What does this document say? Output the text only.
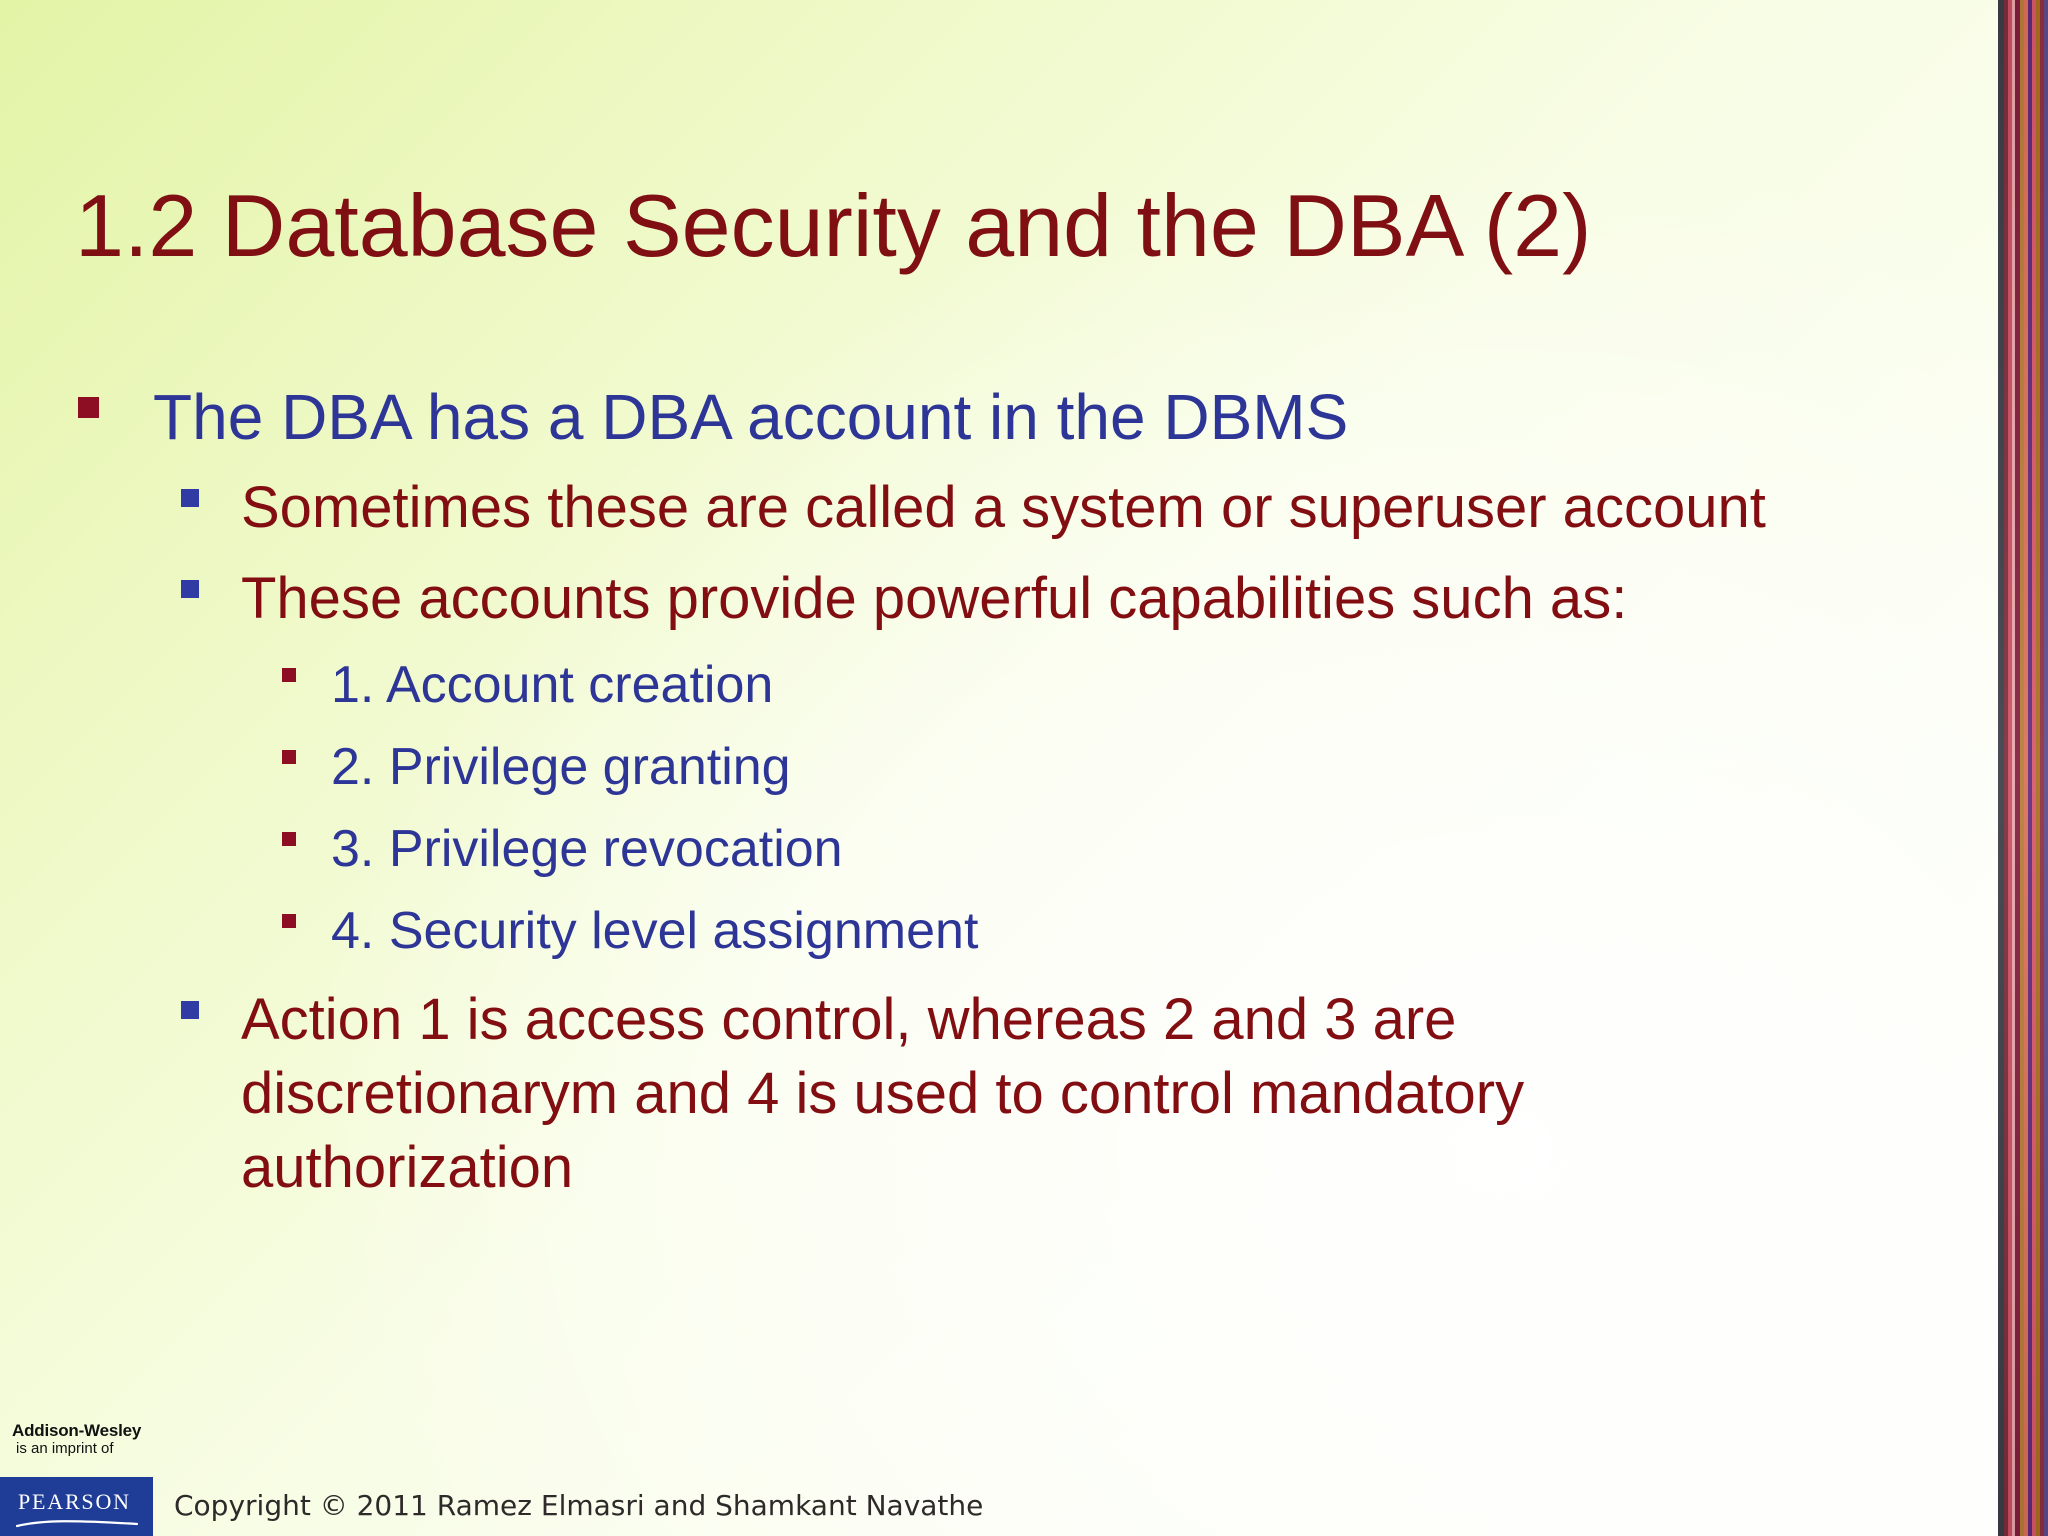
1.2 Database Security and the DBA (2)
The DBA has a DBA account in the DBMS
Sometimes these are called a system or superuser account
These accounts provide powerful capabilities such as:
1. Account creation
2. Privilege granting
3. Privilege revocation
4. Security level assignment
Action 1 is access control, whereas 2 and 3 are
discretionarym and 4 is used to control mandatory
authorization
Addison-Wesley
is an imprint of
PEARSON Copyright © 2011 Ramez Elmasri and Shamkant Navathe
